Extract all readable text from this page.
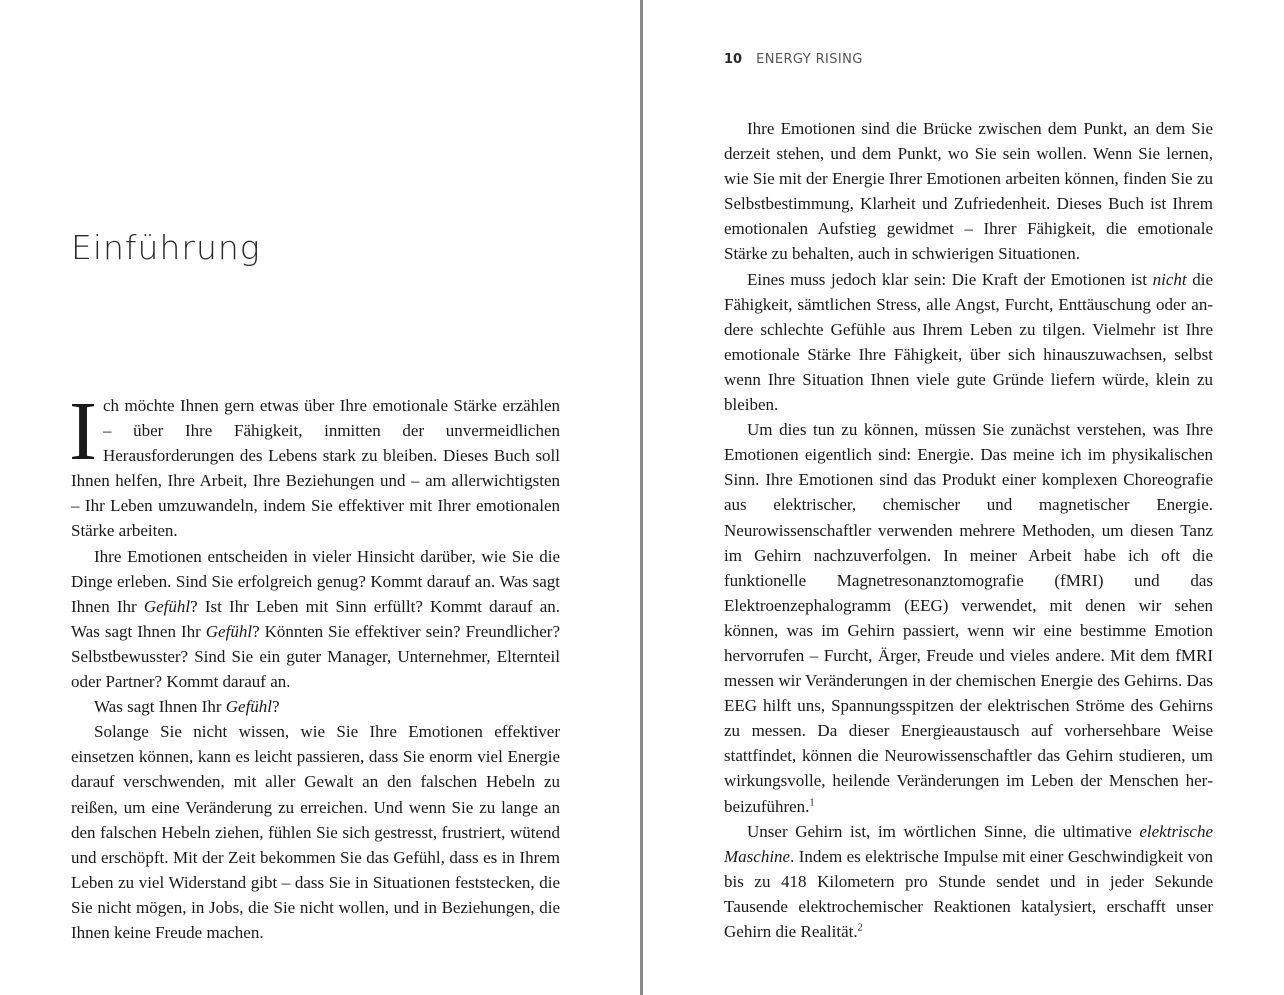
Einführung

Ich möchte Ihnen gern etwas über Ihre emotionale Stärke erzählen – über Ihre Fähigkeit, inmitten der unvermeidlichen Herausforderungen des Lebens stark zu bleiben. Dieses Buch soll Ihnen helfen, Ihre Arbeit, Ihre Beziehungen und – am allerwichtigsten – Ihr Leben umzuwandeln, indem Sie effektiver mit Ihrer emotionalen Stärke arbeiten.

Ihre Emotionen entscheiden in vieler Hinsicht darüber, wie Sie die Dinge erleben. Sind Sie erfolgreich genug? Kommt darauf an. Was sagt Ihnen Ihr Gefühl? Ist Ihr Leben mit Sinn erfüllt? Kommt darauf an. Was sagt Ihnen Ihr Gefühl? Könnten Sie effektiver sein? Freundlicher? Selbstbewusster? Sind Sie ein guter Manager, Unternehmer, Elternteil oder Partner? Kommt darauf an.

Was sagt Ihnen Ihr Gefühl?

Solange Sie nicht wissen, wie Sie Ihre Emotionen effektiver einsetzen können, kann es leicht passieren, dass Sie enorm viel Energie darauf verschwenden, mit aller Gewalt an den falschen Hebeln zu reißen, um eine Veränderung zu erreichen. Und wenn Sie zu lange an den falschen Hebeln ziehen, fühlen Sie sich gestresst, frustriert, wütend und erschöpft. Mit der Zeit bekommen Sie das Gefühl, dass es in Ihrem Leben zu viel Widerstand gibt – dass Sie in Situationen feststecken, die Sie nicht mögen, in Jobs, die Sie nicht wollen, und in Beziehungen, die Ihnen keine Freude machen.

10 ENERGY RISING

Ihre Emotionen sind die Brücke zwischen dem Punkt, an dem Sie derzeit stehen, und dem Punkt, wo Sie sein wollen. Wenn Sie lernen, wie Sie mit der Energie Ihrer Emotionen arbeiten können, finden Sie zu Selbstbestimmung, Klarheit und Zufriedenheit. Dieses Buch ist Ihrem emotionalen Aufstieg gewidmet – Ihrer Fähigkeit, die emotionale Stärke zu behalten, auch in schwierigen Situationen.

Eines muss jedoch klar sein: Die Kraft der Emotionen ist nicht die Fähigkeit, sämtlichen Stress, alle Angst, Furcht, Enttäuschung oder andere schlechte Gefühle aus Ihrem Leben zu tilgen. Vielmehr ist Ihre emotionale Stärke Ihre Fähigkeit, über sich hinauszuwachsen, selbst wenn Ihre Situation Ihnen viele gute Gründe liefern würde, klein zu bleiben.

Um dies tun zu können, müssen Sie zunächst verstehen, was Ihre Emotionen eigentlich sind: Energie. Das meine ich im physikalischen Sinn. Ihre Emotionen sind das Produkt einer komplexen Choreografie aus elektrischer, chemischer und magnetischer Energie. Neurowissenschaftler verwenden mehrere Methoden, um diesen Tanz im Gehirn nachzuverfolgen. In meiner Arbeit habe ich oft die funktionelle Magnetresonanztomografie (fMRI) und das Elektroenzephalogramm (EEG) verwendet, mit denen wir sehen können, was im Gehirn passiert, wenn wir eine bestimme Emotion hervorrufen – Furcht, Ärger, Freude und vieles andere. Mit dem fMRI messen wir Veränderungen in der chemischen Energie des Gehirns. Das EEG hilft uns, Spannungsspitzen der elektrischen Ströme des Gehirns zu messen. Da dieser Energieaustausch auf vorhersehbare Weise stattfindet, können die Neurowissenschaftler das Gehirn studieren, um wirkungsvolle, heilende Veränderungen im Leben der Menschen herbeizuführen.$^1$

Unser Gehirn ist, im wörtlichen Sinne, die ultimative elektrische Maschine. Indem es elektrische Impulse mit einer Geschwindigkeit von bis zu 418 Kilometern pro Stunde sendet und in jeder Sekunde Tausende elektrochemischer Reaktionen katalysiert, erschafft unser Gehirn die Realität.$^2$
